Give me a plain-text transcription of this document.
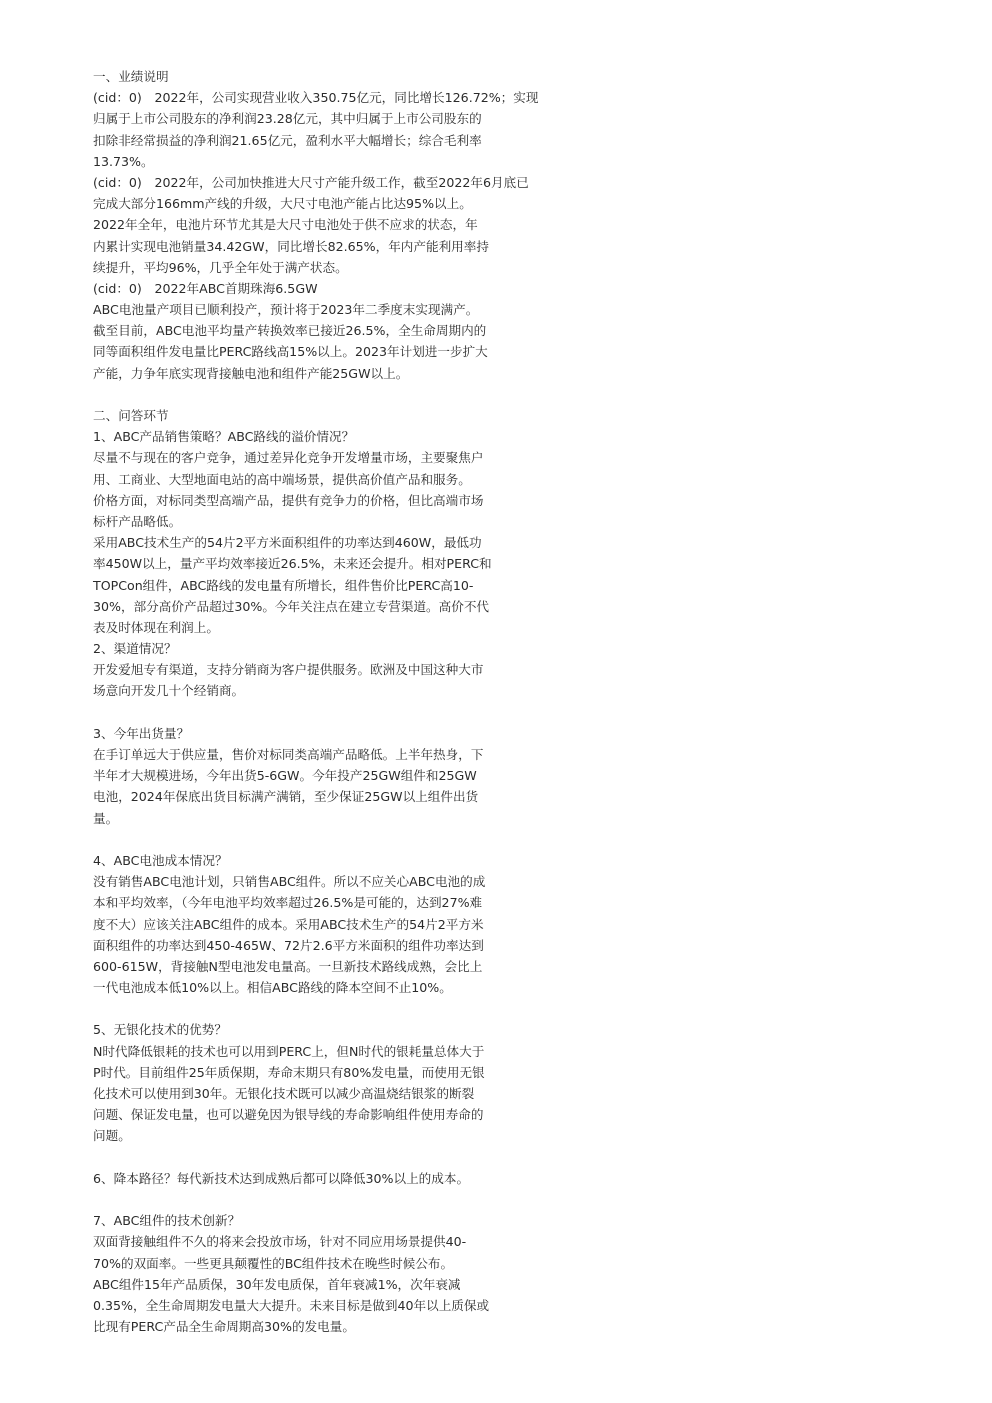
一、业绩说明
(cid：0)　2022年，公司实现营业收入350.75亿元，同比增长126.72%；实现
归属于上市公司股东的净利润23.28亿元，其中归属于上市公司股东的
扣除非经常损益的净利润21.65亿元，盈利水平大幅增长；综合毛利率
13.73%。
(cid：0)　2022年，公司加快推进大尺寸产能升级工作，截至2022年6月底已
完成大部分166mm产线的升级，大尺寸电池产能占比达95%以上。
2022年全年，电池片环节尤其是大尺寸电池处于供不应求的状态，年
内累计实现电池销量34.42GW，同比增长82.65%，年内产能利用率持
续提升，平均96%，几乎全年处于满产状态。
(cid：0)　2022年ABC首期珠海6.5GW
ABC电池量产项目已顺利投产，预计将于2023年二季度末实现满产。
截至目前，ABC电池平均量产转换效率已接近26.5%，全生命周期内的
同等面积组件发电量比PERC路线高15%以上。2023年计划进一步扩大
产能，力争年底实现背接触电池和组件产能25GW以上。
二、问答环节
1、ABC产品销售策略？ABC路线的溢价情况？
尽量不与现在的客户竞争，通过差异化竞争开发增量市场，主要聚焦户
用、工商业、大型地面电站的高中端场景，提供高价值产品和服务。
价格方面，对标同类型高端产品，提供有竞争力的价格，但比高端市场
标杆产品略低。
采用ABC技术生产的54片2平方米面积组件的功率达到460W，最低功
率450W以上，量产平均效率接近26.5%，未来还会提升。相对PERC和
TOPCon组件，ABC路线的发电量有所增长，组件售价比PERC高10-
30%，部分高价产品超过30%。今年关注点在建立专营渠道。高价不代
表及时体现在利润上。
2、渠道情况？
开发爱旭专有渠道，支持分销商为客户提供服务。欧洲及中国这种大市
场意向开发几十个经销商。
3、今年出货量？
在手订单远大于供应量，售价对标同类高端产品略低。上半年热身，下
半年才大规模进场，今年出货5-6GW。今年投产25GW组件和25GW
电池，2024年保底出货目标满产满销，至少保证25GW以上组件出货
量。
4、ABC电池成本情况？
没有销售ABC电池计划，只销售ABC组件。所以不应关心ABC电池的成
本和平均效率，（今年电池平均效率超过26.5%是可能的，达到27%难
度不大）应该关注ABC组件的成本。采用ABC技术生产的54片2平方米
面积组件的功率达到450-465W、72片2.6平方米面积的组件功率达到
600-615W，背接触N型电池发电量高。一旦新技术路线成熟，会比上
一代电池成本低10%以上。相信ABC路线的降本空间不止10%。
5、无银化技术的优势？
N时代降低银耗的技术也可以用到PERC上，但N时代的银耗量总体大于
P时代。目前组件25年质保期，寿命末期只有80%发电量，而使用无银
化技术可以使用到30年。无银化技术既可以减少高温烧结银浆的断裂
问题、保证发电量，也可以避免因为银导线的寿命影响组件使用寿命的
问题。
6、降本路径？每代新技术达到成熟后都可以降低30%以上的成本。
7、ABC组件的技术创新？
双面背接触组件不久的将来会投放市场，针对不同应用场景提供40-
70%的双面率。一些更具颠覆性的BC组件技术在晚些时候公布。
ABC组件15年产品质保，30年发电质保，首年衰减1%，次年衰减
0.35%，全生命周期发电量大大提升。未来目标是做到40年以上质保或
比现有PERC产品全生命周期高30%的发电量。
